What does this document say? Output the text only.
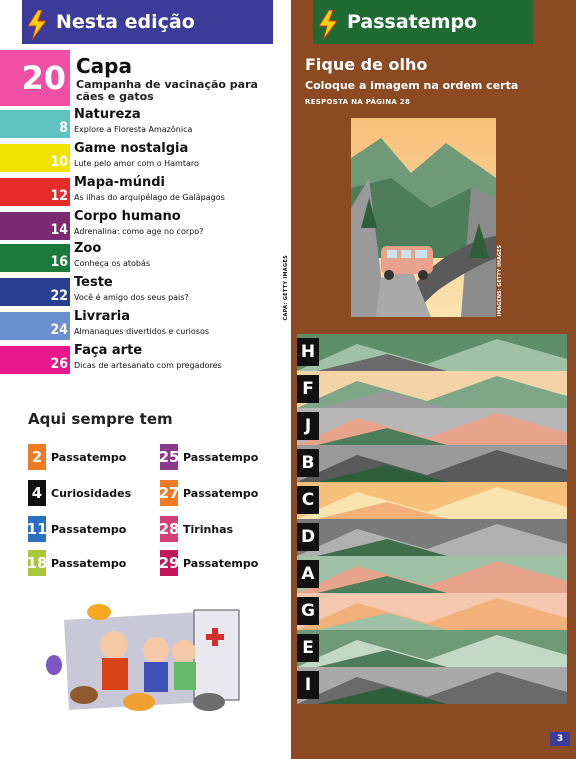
Nesta edição
20 Capa
Campanha de vacinação para cães e gatos
8
Natureza
Explore a Floresta Amazônica
10
Game nostalgia
Lute pelo amor com o Hamtaro
12
Mapa-múndi
As ilhas do arquipélago de Galápagos
14
Corpo humano
Adrenalina: como age no corpo?
16
Zoo
Conheça os atobás
22
Teste
Você é amigo dos seus pais?
24
Livraria
Almanaques divertidos e curiosos
26
Faça arte
Dicas de artesanato com pregadores
Aqui sempre tem
2 Passatempo 25 Passatempo
4 Curiosidades 27 Passatempo
11 Passatempo 28 Tirinhas
18 Passatempo 29 Passatempo
CAPA: GETTY IMAGES
Passatempo
Fique de olho
Coloque a imagem na ordem certa
RESPOSTA NA PÁGINA 28
IMAGENS: GETTY IMAGES
H
F
J
B
C
D
A
G
E
I
3
